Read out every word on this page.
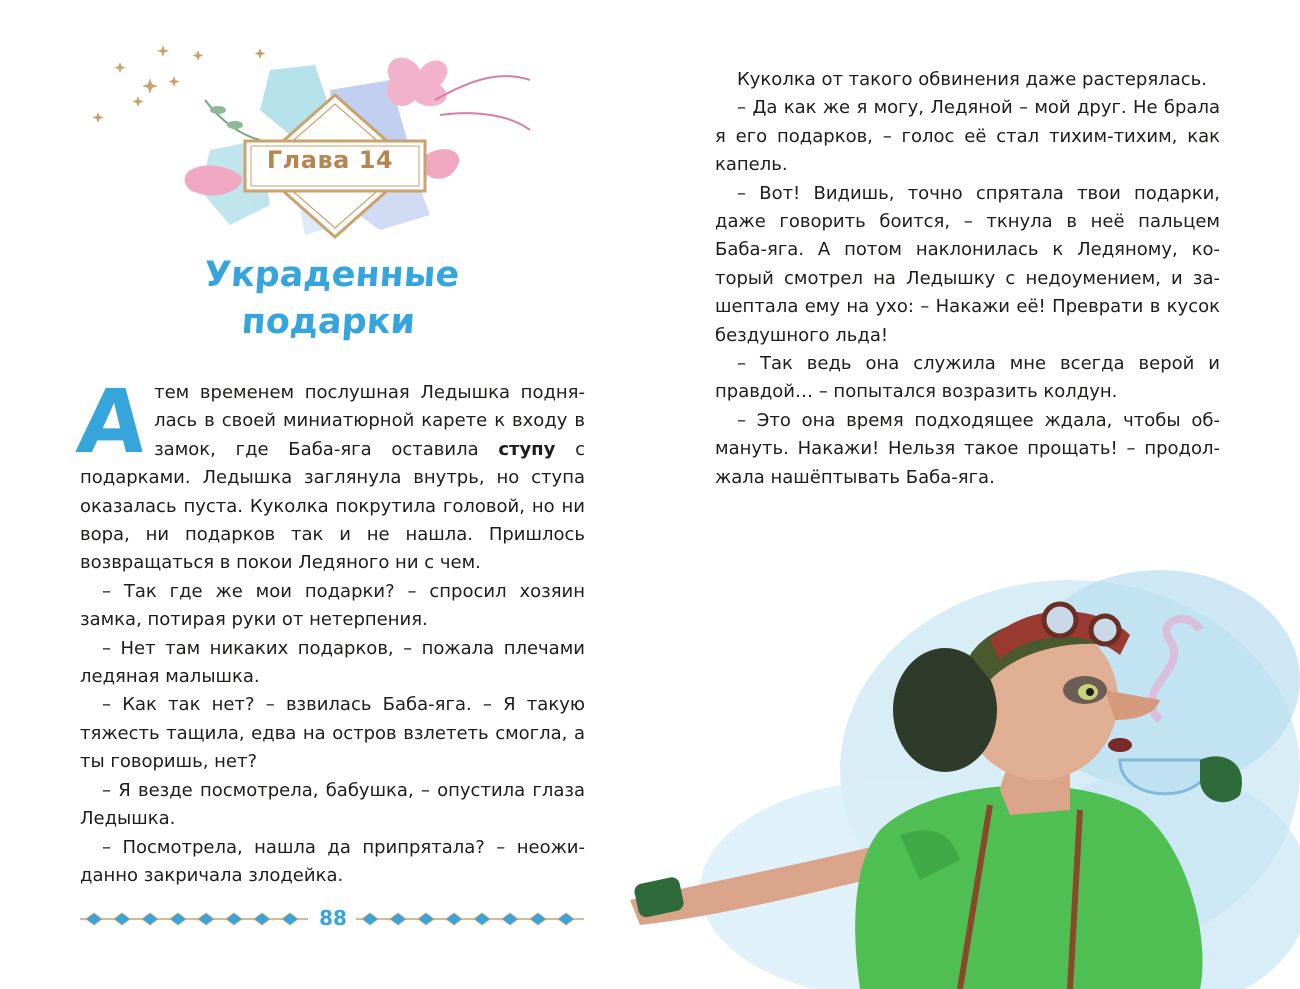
Глава 14
Украденные
подарки

Атем временем послушная Ледышка поднялась в своей миниатюрной карете к входу в замок, где Баба-яга оставила ступу с подарками. Ледышка заглянула внутрь, но ступа оказалась пуста. Куколка покрутила головой, но ни вора, ни подарков так и не нашла. Пришлось возвращаться в покои Ледяного ни с чем.

– Так где же мои подарки? – спросил хозяин замка, потирая руки от нетерпения.

– Нет там никаких подарков, – пожала плечами ледяная малышка.

– Как так нет? – взвилась Баба-яга. – Я такую тяжесть тащила, едва на остров взлететь смогла, а ты говоришь, нет?

– Я везде посмотрела, бабушка, – опустила глаза Ледышка.

– Посмотрела, нашла да припрятала? – неожиданно закричала злодейка.

88

Куколка от такого обвинения даже растерялась.

– Да как же я могу, Ледяной – мой друг. Не брала я его подарков, – голос её стал тихим-тихим, как капель.

– Вот! Видишь, точно спрятала твои подарки, даже говорить боится, – ткнула в неё пальцем Баба-яга. А потом наклонилась к Ледяному, который смотрел на Ледышку с недоумением, и зашептала ему на ухо: – Накажи её! Преврати в кусок бездушного льда!

– Так ведь она служила мне всегда верой и правдой… – попытался возразить колдун.

– Это она время подходящее ждала, чтобы обмануть. Накажи! Нельзя такое прощать! – продолжала нашёптывать Баба-яга.
